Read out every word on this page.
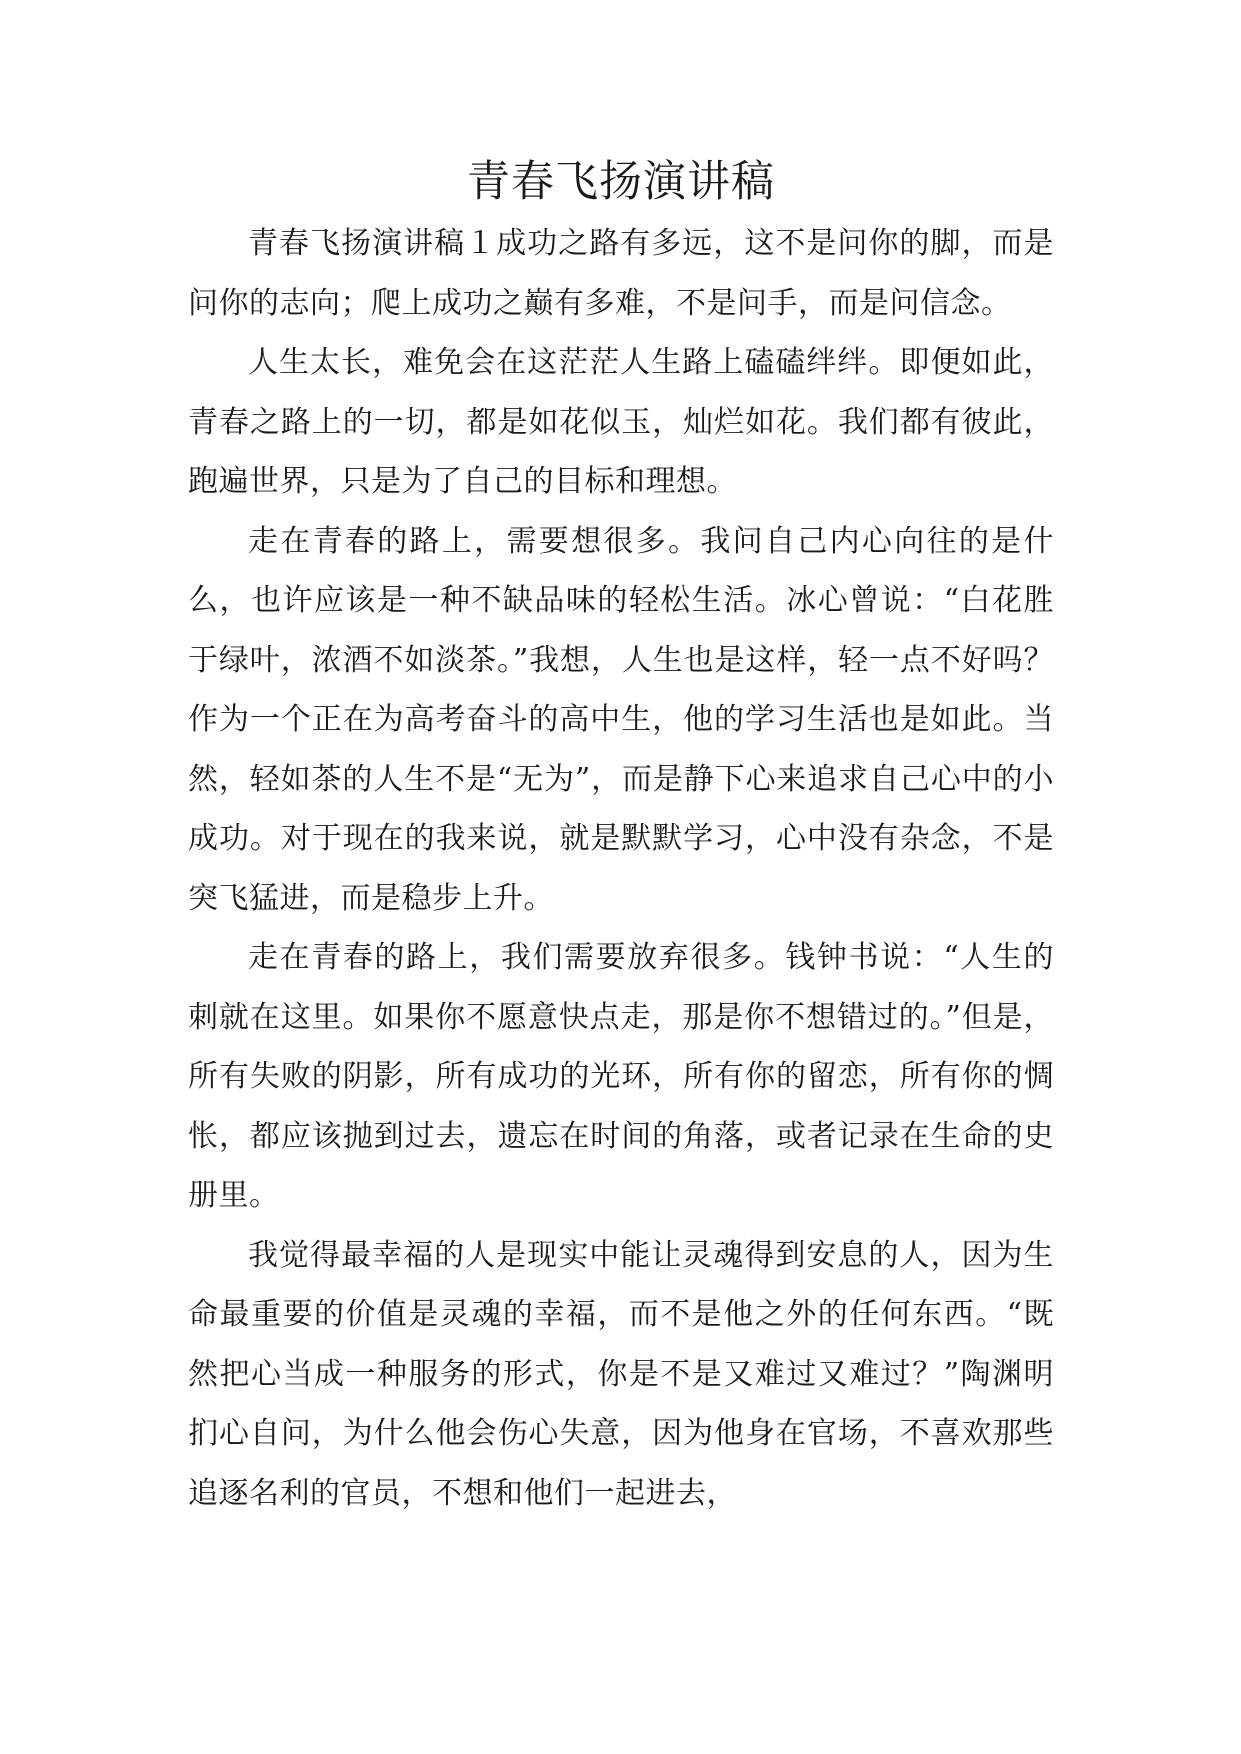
青春飞扬演讲稿

青春飞扬演讲稿１成功之路有多远，这不是问你的脚，而是问你的志向；爬上成功之巅有多难，不是问手，而是问信念。

人生太长，难免会在这茫茫人生路上磕磕绊绊。即便如此，青春之路上的一切，都是如花似玉，灿烂如花。我们都有彼此，跑遍世界，只是为了自己的目标和理想。

走在青春的路上，需要想很多。我问自己内心向往的是什么，也许应该是一种不缺品味的轻松生活。冰心曾说：“白花胜于绿叶，浓酒不如淡茶。”我想，人生也是这样，轻一点不好吗？作为一个正在为高考奋斗的高中生，他的学习生活也是如此。当然，轻如茶的人生不是“无为”，而是静下心来追求自己心中的小成功。对于现在的我来说，就是默默学习，心中没有杂念，不是突飞猛进，而是稳步上升。

走在青春的路上，我们需要放弃很多。钱钟书说：“人生的刺就在这里。如果你不愿意快点走，那是你不想错过的。”但是，所有失败的阴影，所有成功的光环，所有你的留恋，所有你的惆怅，都应该抛到过去，遗忘在时间的角落，或者记录在生命的史册里。

我觉得最幸福的人是现实中能让灵魂得到安息的人，因为生命最重要的价值是灵魂的幸福，而不是他之外的任何东西。“既然把心当成一种服务的形式，你是不是又难过又难过？”陶渊明扪心自问，为什么他会伤心失意，因为他身在官场，不喜欢那些追逐名利的官员，不想和他们一起进去，
